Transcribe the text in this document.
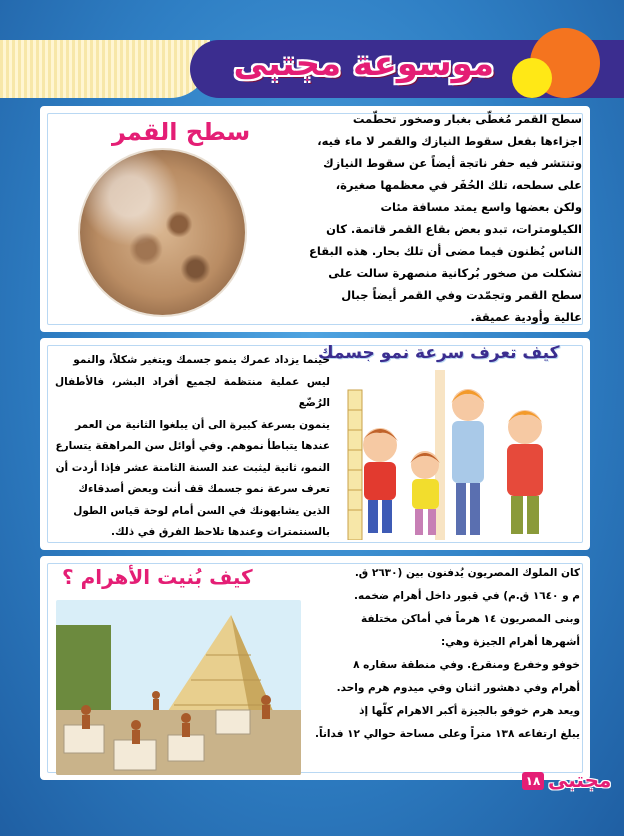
موسوعة مجتبى
سطح القمر	سطح القمر مُغطّى بغبار وصخور تحطّمت
اجزاءها بفعل سقوط النيازك والقمر لا ماء فيه،
وتنتشر فيه حفر ناتجة أيضاً عن سقوط النيازك
على سطحه، تلك الحُفَر في معظمها صغيرة،
ولكن بعضها واسع يمتد مسافة مئات
الكيلومترات، تبدو بعض بقاع القمر قاتمة. كان
الناس يُظنون فيما مضى أن تلك بحار. هذه البقاع
تشكلت من صخور بُركانية منصهرة سالت على
سطح القمر وتجمّدت وفي القمر أيضاً جبال
عالية وأودية عميقة.
كيف تعرف سرعة نمو جسمك
حينما يزداد عمرك ينمو جسمك ويتغير شكلاً، والنمو
ليس عملية منتظمة لجميع أفراد البشر، فالأطفال الرُضّع
ينمون بسرعة كبيرة الى أن يبلغوا الثانية من العمر
عندها يتباطأ نموهم. وفي أوائل سن المراهقة يتسارع
النمو، ثانية ليثبت عند السنة الثامنة عشر فإذا أردت أن
تعرف سرعة نمو جسمك قف أنت وبعض أصدقاءك
الذين يشابهونك في السن أمام لوحة قياس الطول
بالسنتمترات وعندها تلاحظ الفرق في ذلك.
كيف بُنيت الأهرام ؟	كان الملوك المصريون يُدفنون بين (٢٦٣٠ ق.
م و ١٦٤٠ ق.م) في قبور داخل أهرام ضخمه.
وبنى المصريون ١٤ هرماً في أماكن مختلفة
أشهرها أهرام الجيزة وهي:
خوفو وخفرع ومنقرع. وفي منطقة سقاره ٨
أهرام وفي دهشور اثنان وفي ميدوم هرم واحد.
ويعد هرم خوفو بالجيزة أكبر الاهرام كلّها إذ
يبلغ ارتفاعه ١٣٨ متراً وعلى مساحة حوالي ١٢ فداناً.
١٨ مجتبى
